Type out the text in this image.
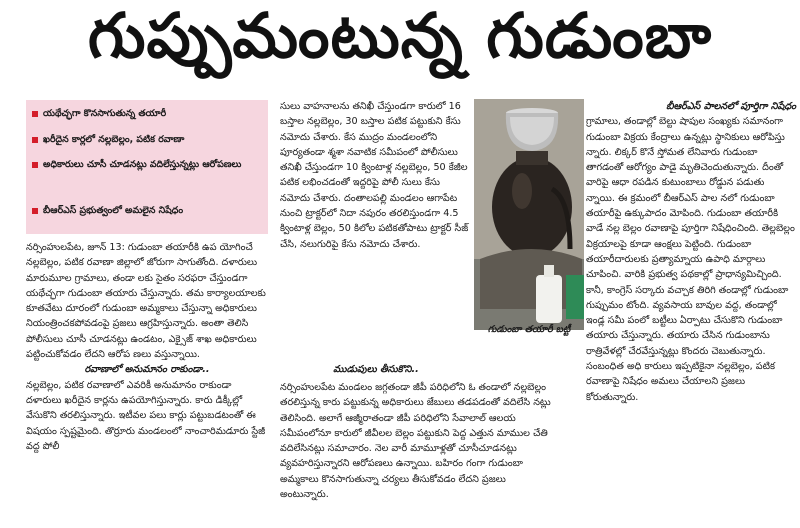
గుప్పుమంటున్న గుడుంబా
యథేచ్ఛగా కొనసాగుతున్న తయారీ
ఖరీదైన కార్లలో నల్లబెల్లం, పటిక రవాణా
అధికారులు చూసీ చూడనట్లు వదిలేస్తున్నట్లు ఆరోపణలు
బీఆర్ఎస్ ప్రభుత్వంలో అమలైన నిషేధం

నర్సింహులపేట, జూన్ 13: గుడుంబా తయారీకి ఉప యోగించే నల్లబెల్లం, పటిక రవాణా జిల్లాలో జోరుగా సాగుతోంది. దళారులు మారుమూల గ్రామాలు, తండా లకు సైతం సరఫరా చేస్తుండగా యథేచ్ఛగా గుడుంబా తయారు చేస్తున్నారు. తమ కార్యాలయాలకు కూతవేటు దూరంలో గుడుంబా అమ్మకాలు చేస్తున్నా అధికారులు నియంత్రించకపోవడంపై ప్రజలు ఆగ్రహిస్తున్నారు. అంతా తెలిసి పోలీసులు చూసీ చూడనట్లు ఉండటం, ఎక్సైజ్ శాఖ అధికారులు పట్టించుకోవడం లేదని ఆరోప ణలు వస్తున్నాయి.

రవాణాలో అనుమానం రాకుండా..

నల్లబెల్లం, పటిక రవాణాలో ఎవరికీ అనుమానం రాకుండా దళారులు ఖరీదైన కార్లను ఉపయోగిస్తున్నారు. కారు డిక్కీల్లో వేసుకొని తరలిస్తున్నారు. ఇటీవల పలు కార్లు పట్టుబడటంతో ఈ విషయం స్పష్టమైంది. తొర్రూరు మండలంలో నాంచారిమడూరు స్టేజీ వద్ద పోలీ

సులు వాహనాలను తనిఖీ చేస్తుండగా కారులో 16 బస్తాల నల్లబెల్లం, 30 బస్తాల పటిక పట్టుకుని కేసు నమోదు చేశారు. కేస ముద్రం మండలంలోని పూర్యతండా శ్మశా నవాటిక సమీపంలో పోలీసులు తనిఖీ చేస్తుండగా 10 క్వింటాళ్ల నల్లబెల్లం, 50 కేజీల పటిక లభించడంతో ఇద్దరిపై పోలీ సులు కేసు నమోదు చేశారు. దంతాలపల్లి మండలం ఆగాపేట నుంచి ట్రాక్టర్‌లో నిదా నపురం తరలిస్తుండగా 4.5 క్వింటాళ్ల బెల్లం, 50 కిలోల పటికతోపాటు ట్రాక్టర్ సీజ్ చేసి, నలుగురిపై కేసు నమోదు చేశారు.

ముడుపులు తీసుకొని..

నర్సింహులపేట మండలం జగ్గతండా జీపీ పరిధిలోని ఓ తండాలో నల్లబెల్లం తరలిస్తున్న కారు పట్టుకున్న అధికారులు జేబులు తడపడంతో వదిలేసి నట్లు తెలిసింది. అలాగే ఆజ్మీరాతండా జీపీ పరిధిలోని సేవాలాల్ ఆలయ సమీపంలోనూ కారులో జీవీలల బెల్లం పట్టుకుని పెద్ద ఎత్తున మాముల చేతి వదిలేసినట్లు సమాచారం. నెల వారీ మామూళ్లతో చూసీచూడనట్లు వ్యవహరిస్తున్నారని ఆరోపణలు ఉన్నాయి. బహిరం గంగా గుడుంబా అమ్మకాలు కొనసాగుతున్నా చర్యలు తీసుకోవడం లేదని ప్రజలు అంటున్నారు.

గుడుంబా తయారీ బట్టీ

బీఆర్ఎస్ పాలనలో పూర్తిగా నిషేధం

గ్రామాలు, తండాల్లో బెల్టు షాపుల సంఖ్యకు సమానంగా గుడుంబా విక్రయ కేంద్రాలు ఉన్నట్లు స్థానికులు ఆరోపిస్తు న్నారు. లిక్కర్ కొనే స్తోమత లేనివారు గుడుంబా తాగడంతో ఆరోగ్యం పాడై మృతిచెందుతున్నారు. దీంతో వారిపై ఆధా రపడిన కుటుంబాలు రోడ్డున పడుతు న్నాయి. ఈ క్రమంలో బీఆర్ఎస్ పాల నలో గుడుంబా తయారీపై ఉక్కుపాదం మోపింది. గుడుంబా తయారీకి వాడే నల్ల బెల్లం రవాణాపై పూర్తిగా నిషేధించింది. తెల్లబెల్లం విక్రయాలపై కూడా ఆంక్షలు పెట్టింది. గుడుంబా తయారీదారులకు ప్రత్యామ్నాయ ఉపాధి మార్గాలు చూపించి. వారికి ప్రభుత్వ పథకాల్లో ప్రాధాన్యమిచ్చింది. కానీ, కాంగ్రెస్ సర్కారు వచ్చాక తిరిగి తండాల్లో గుడుంబా గుప్పుమం టోంది. వ్యవసాయ బావుల వద్ద, తండాల్లో ఇండ్ల సమీ పంలో బట్టీలు ఏర్పాటు చేసుకొని గుడుంబా తయారు చేస్తున్నారు. తయారు చేసిన గుడుంబాను రాత్రివేళల్లో చేరవేస్తున్నట్లు కొందరు చెబుతున్నారు. సంబంధిత అధి కారులు ఇప్పటికైనా నల్లబెల్లం, పటిక రవాణాపై నిషేధం అమలు చేయాలని ప్రజలు కోరుతున్నారు.
